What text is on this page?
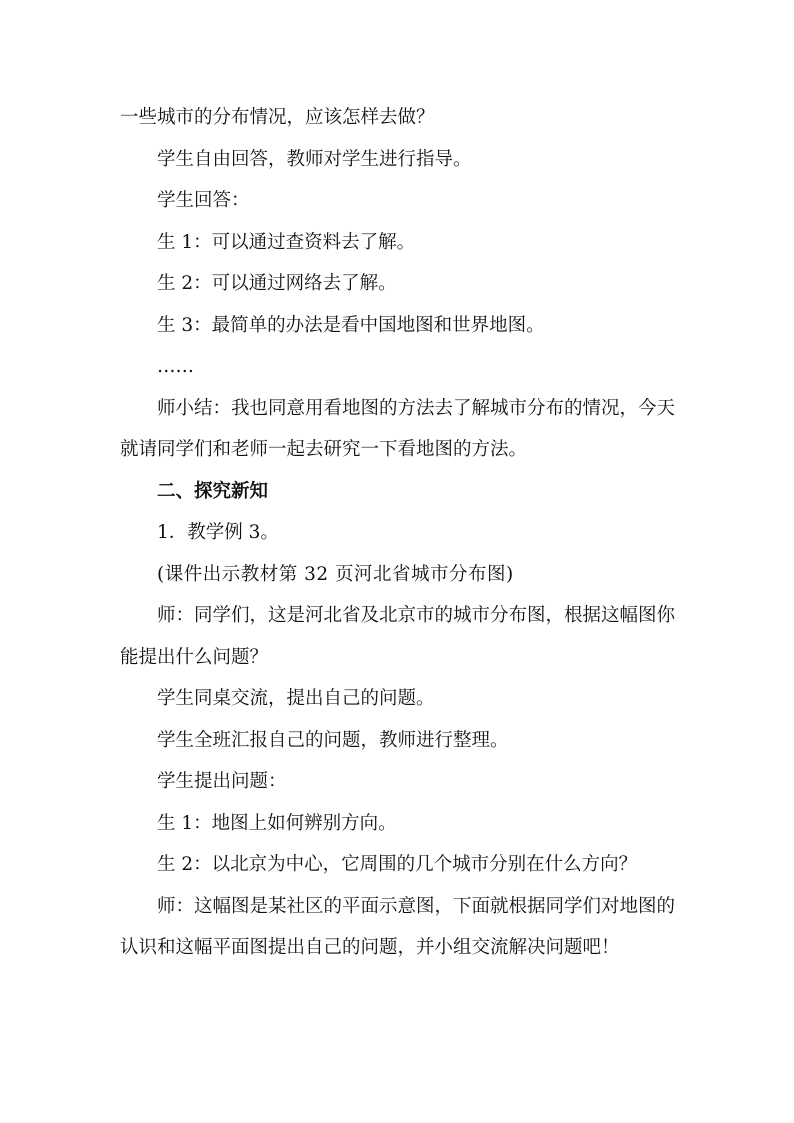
一些城市的分布情况，应该怎样去做？

学生自由回答，教师对学生进行指导。

学生回答：

生 1：可以通过查资料去了解。

生 2：可以通过网络去了解。

生 3：最简单的办法是看中国地图和世界地图。

……

师小结：我也同意用看地图的方法去了解城市分布的情况，今天就请同学们和老师一起去研究一下看地图的方法。

二、探究新知

1．教学例 3。

(课件出示教材第 32 页河北省城市分布图)

师：同学们，这是河北省及北京市的城市分布图，根据这幅图你能提出什么问题？

学生同桌交流，提出自己的问题。

学生全班汇报自己的问题，教师进行整理。

学生提出问题：

生 1：地图上如何辨别方向。

生 2：以北京为中心，它周围的几个城市分别在什么方向？

师：这幅图是某社区的平面示意图，下面就根据同学们对地图的认识和这幅平面图提出自己的问题，并小组交流解决问题吧！
